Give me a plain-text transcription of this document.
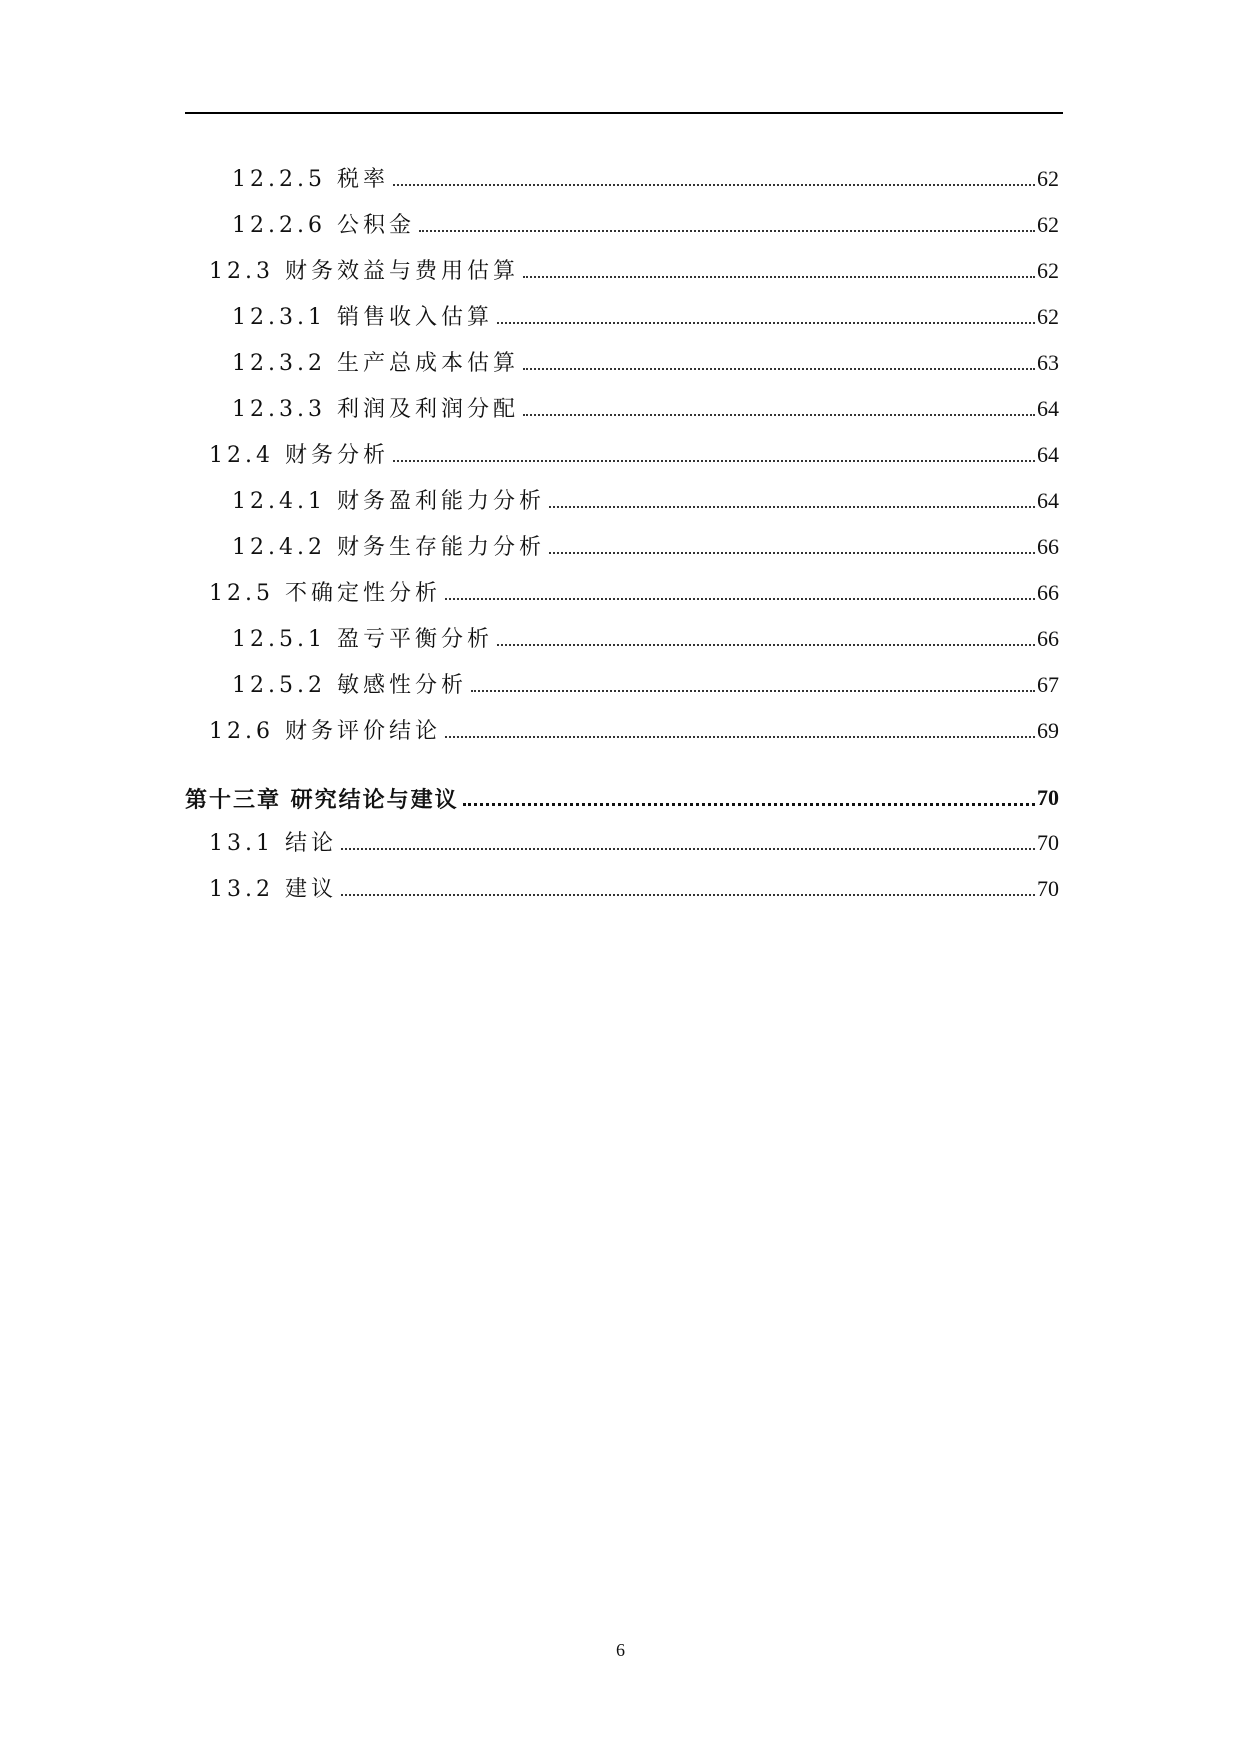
12.2.5 税率	62
12.2.6 公积金	62
12.3 财务效益与费用估算	62
12.3.1 销售收入估算	62
12.3.2 生产总成本估算	63
12.3.3 利润及利润分配	64
12.4 财务分析	64
12.4.1 财务盈利能力分析	64
12.4.2 财务生存能力分析	66
12.5 不确定性分析	66
12.5.1 盈亏平衡分析	66
12.5.2 敏感性分析	67
12.6 财务评价结论	69
第十三章 研究结论与建议	70
13.1 结论	70
13.2 建议	70
6
